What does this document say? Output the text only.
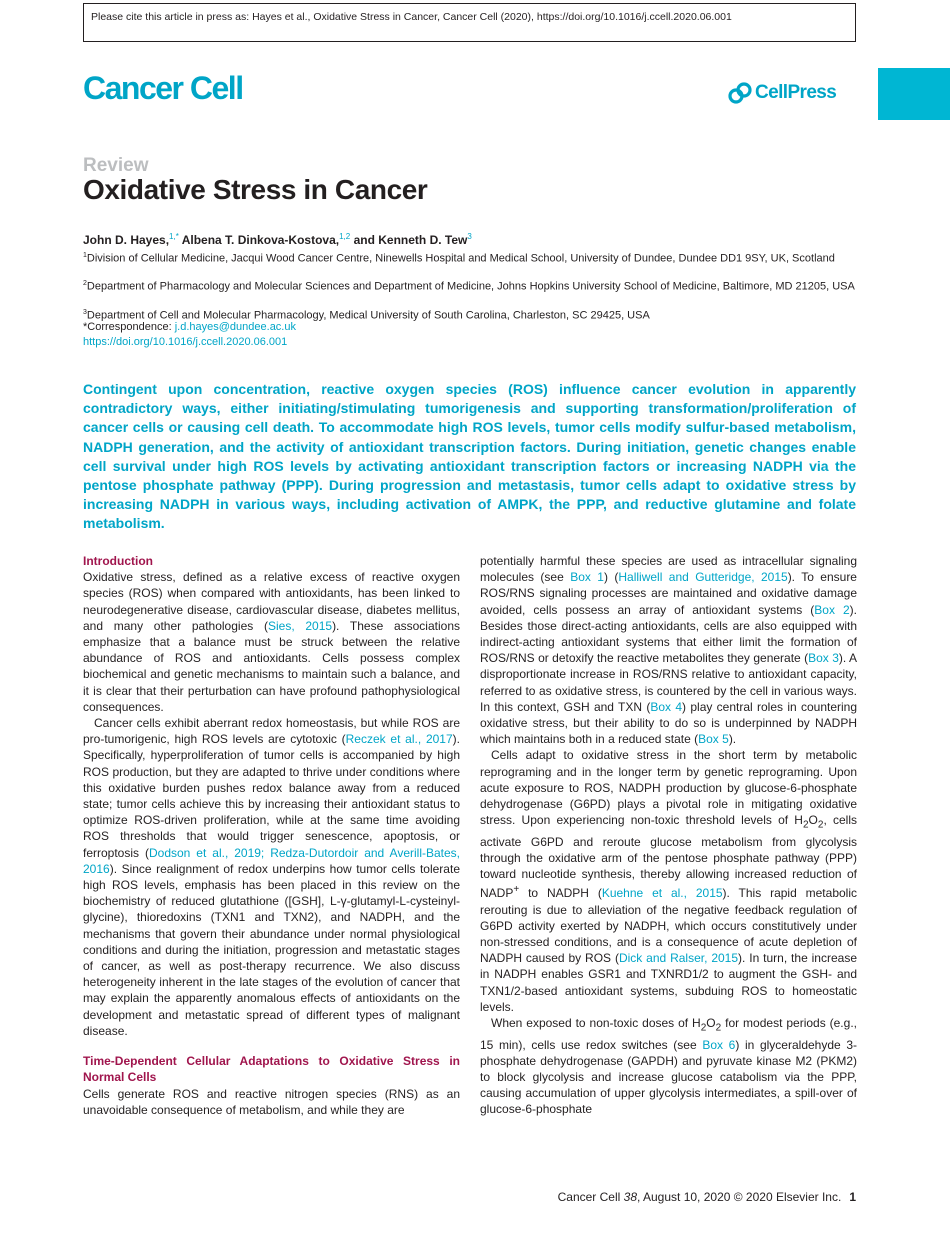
Please cite this article in press as: Hayes et al., Oxidative Stress in Cancer, Cancer Cell (2020), https://doi.org/10.1016/j.ccell.2020.06.001
Cancer Cell	CellPress
Review
Oxidative Stress in Cancer
John D. Hayes,$^{1,*}$ Albena T. Dinkova-Kostova,$^{1,2}$ and Kenneth D. Tew$^3$
$^1$Division of Cellular Medicine, Jacqui Wood Cancer Centre, Ninewells Hospital and Medical School, University of Dundee, Dundee DD1 9SY, UK, Scotland
$^2$Department of Pharmacology and Molecular Sciences and Department of Medicine, Johns Hopkins University School of Medicine, Baltimore, MD 21205, USA
$^3$Department of Cell and Molecular Pharmacology, Medical University of South Carolina, Charleston, SC 29425, USA
*Correspondence: j.d.hayes@dundee.ac.uk
https://doi.org/10.1016/j.ccell.2020.06.001
Contingent upon concentration, reactive oxygen species (ROS) influence cancer evolution in apparently contradictory ways, either initiating/stimulating tumorigenesis and supporting transformation/proliferation of cancer cells or causing cell death. To accommodate high ROS levels, tumor cells modify sulfur-based metabolism, NADPH generation, and the activity of antioxidant transcription factors. During initiation, genetic changes enable cell survival under high ROS levels by activating antioxidant transcription factors or increasing NADPH via the pentose phosphate pathway (PPP). During progression and metastasis, tumor cells adapt to oxidative stress by increasing NADPH in various ways, including activation of AMPK, the PPP, and reductive glutamine and folate metabolism.
Introduction

Oxidative stress, defined as a relative excess of reactive oxygen species (ROS) when compared with antioxidants, has been linked to neurodegenerative disease, cardiovascular disease, diabetes mellitus, and many other pathologies (Sies, 2015). These associations emphasize that a balance must be struck between the relative abundance of ROS and antioxidants. Cells possess complex biochemical and genetic mechanisms to maintain such a balance, and it is clear that their perturbation can have profound pathophysiological consequences.

Cancer cells exhibit aberrant redox homeostasis, but while ROS are pro-tumorigenic, high ROS levels are cytotoxic (Reczek et al., 2017). Specifically, hyperproliferation of tumor cells is accompanied by high ROS production, but they are adapted to thrive under conditions where this oxidative burden pushes redox balance away from a reduced state; tumor cells achieve this by increasing their antioxidant status to optimize ROS-driven proliferation, while at the same time avoiding ROS thresholds that would trigger senescence, apoptosis, or ferroptosis (Dodson et al., 2019; Redza-Dutordoir and Averill-Bates, 2016). Since realignment of redox underpins how tumor cells tolerate high ROS levels, emphasis has been placed in this review on the biochemistry of reduced glutathione ([GSH], L-γ-glutamyl-L-cysteinyl-glycine), thioredoxins (TXN1 and TXN2), and NADPH, and the mechanisms that govern their abundance under normal physiological conditions and during the initiation, progression and metastatic stages of cancer, as well as post-therapy recurrence. We also discuss heterogeneity inherent in the late stages of the evolution of cancer that may explain the apparently anomalous effects of antioxidants on the development and metastatic spread of different types of malignant disease.

Time-Dependent Cellular Adaptations to Oxidative Stress in Normal Cells

Cells generate ROS and reactive nitrogen species (RNS) as an unavoidable consequence of metabolism, and while they are

potentially harmful these species are used as intracellular signaling molecules (see Box 1) (Halliwell and Gutteridge, 2015). To ensure ROS/RNS signaling processes are maintained and oxidative damage avoided, cells possess an array of antioxidant systems (Box 2). Besides those direct-acting antioxidants, cells are also equipped with indirect-acting antioxidant systems that either limit the formation of ROS/RNS or detoxify the reactive metabolites they generate (Box 3). A disproportionate increase in ROS/RNS relative to antioxidant capacity, referred to as oxidative stress, is countered by the cell in various ways. In this context, GSH and TXN (Box 4) play central roles in countering oxidative stress, but their ability to do so is underpinned by NADPH which maintains both in a reduced state (Box 5).

Cells adapt to oxidative stress in the short term by metabolic reprograming and in the longer term by genetic reprograming. Upon acute exposure to ROS, NADPH production by glucose-6-phosphate dehydrogenase (G6PD) plays a pivotal role in mitigating oxidative stress. Upon experiencing non-toxic threshold levels of $H_2O_2$, cells activate G6PD and reroute glucose metabolism from glycolysis through the oxidative arm of the pentose phosphate pathway (PPP) toward nucleotide synthesis, thereby allowing increased reduction of NADP+ to NADPH (Kuehne et al., 2015). This rapid metabolic rerouting is due to alleviation of the negative feedback regulation of G6PD activity exerted by NADPH, which occurs constitutively under non-stressed conditions, and is a consequence of acute depletion of NADPH caused by ROS (Dick and Ralser, 2015). In turn, the increase in NADPH enables GSR1 and TXNRD1/2 to augment the GSH- and TXN1/2-based antioxidant systems, subduing ROS to homeostatic levels.

When exposed to non-toxic doses of $H_2O_2$ for modest periods (e.g., 15 min), cells use redox switches (see Box 6) in glyceraldehyde 3-phosphate dehydrogenase (GAPDH) and pyruvate kinase M2 (PKM2) to block glycolysis and increase glucose catabolism via the PPP, causing accumulation of upper glycolysis intermediates, a spill-over of glucose-6-phosphate

Cancer Cell 38, August 10, 2020 © 2020 Elsevier Inc. 1
